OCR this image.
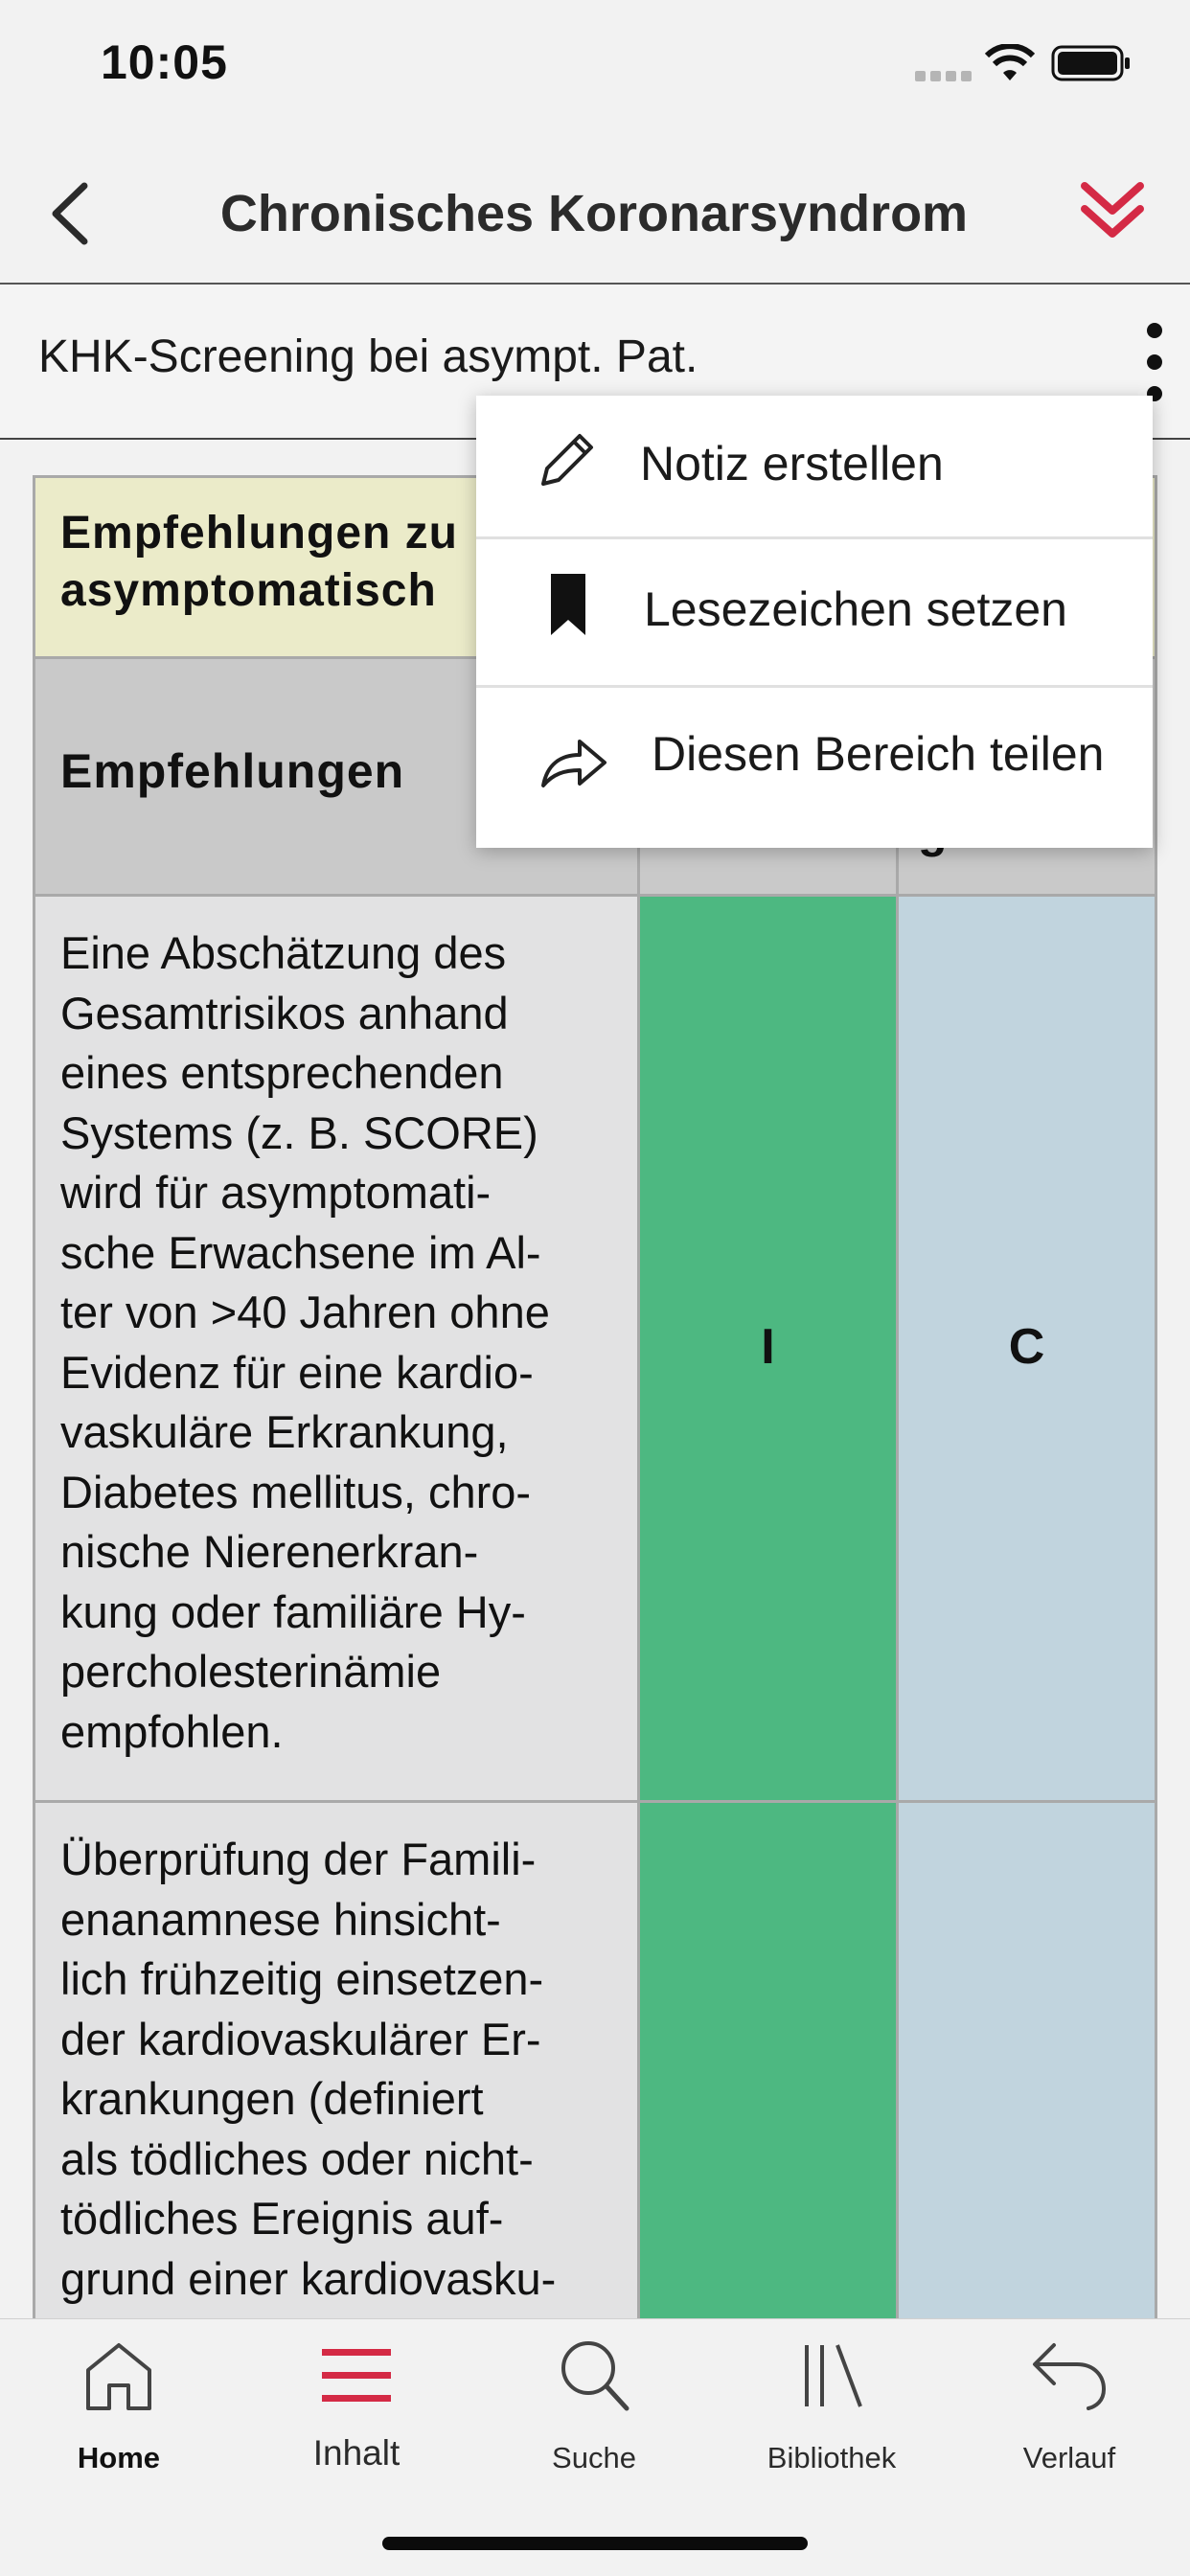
10:05
Chronisches Koronarsyndrom
KHK-Screening bei asympt. Pat.
Empfehlungen zu
asymptomatisch
Empfehlungen
Eine Abschätzung des
Gesamtrisikos anhand
eines entsprechenden
Systems (z. B. SCORE)
wird für asymptomati-
sche Erwachsene im Al-
ter von >40 Jahren ohne
Evidenz für eine kardio-
vaskuläre Erkrankung,
Diabetes mellitus, chro-
nische Nierenerkran-
kung oder familiäre Hy-
percholesterinämie
empfohlen.
I	C
Überprüfung der Famili-
enanamnese hinsicht-
lich frühzeitig einsetzen-
der kardiovaskulärer Er-
krankungen (definiert
als tödliches oder nicht-
tödliches Ereignis auf-
grund einer kardiovasku-
Notiz erstellen
Lesezeichen setzen
Diesen Bereich teilen
Home	Inhalt	Suche	Bibliothek	Verlauf
